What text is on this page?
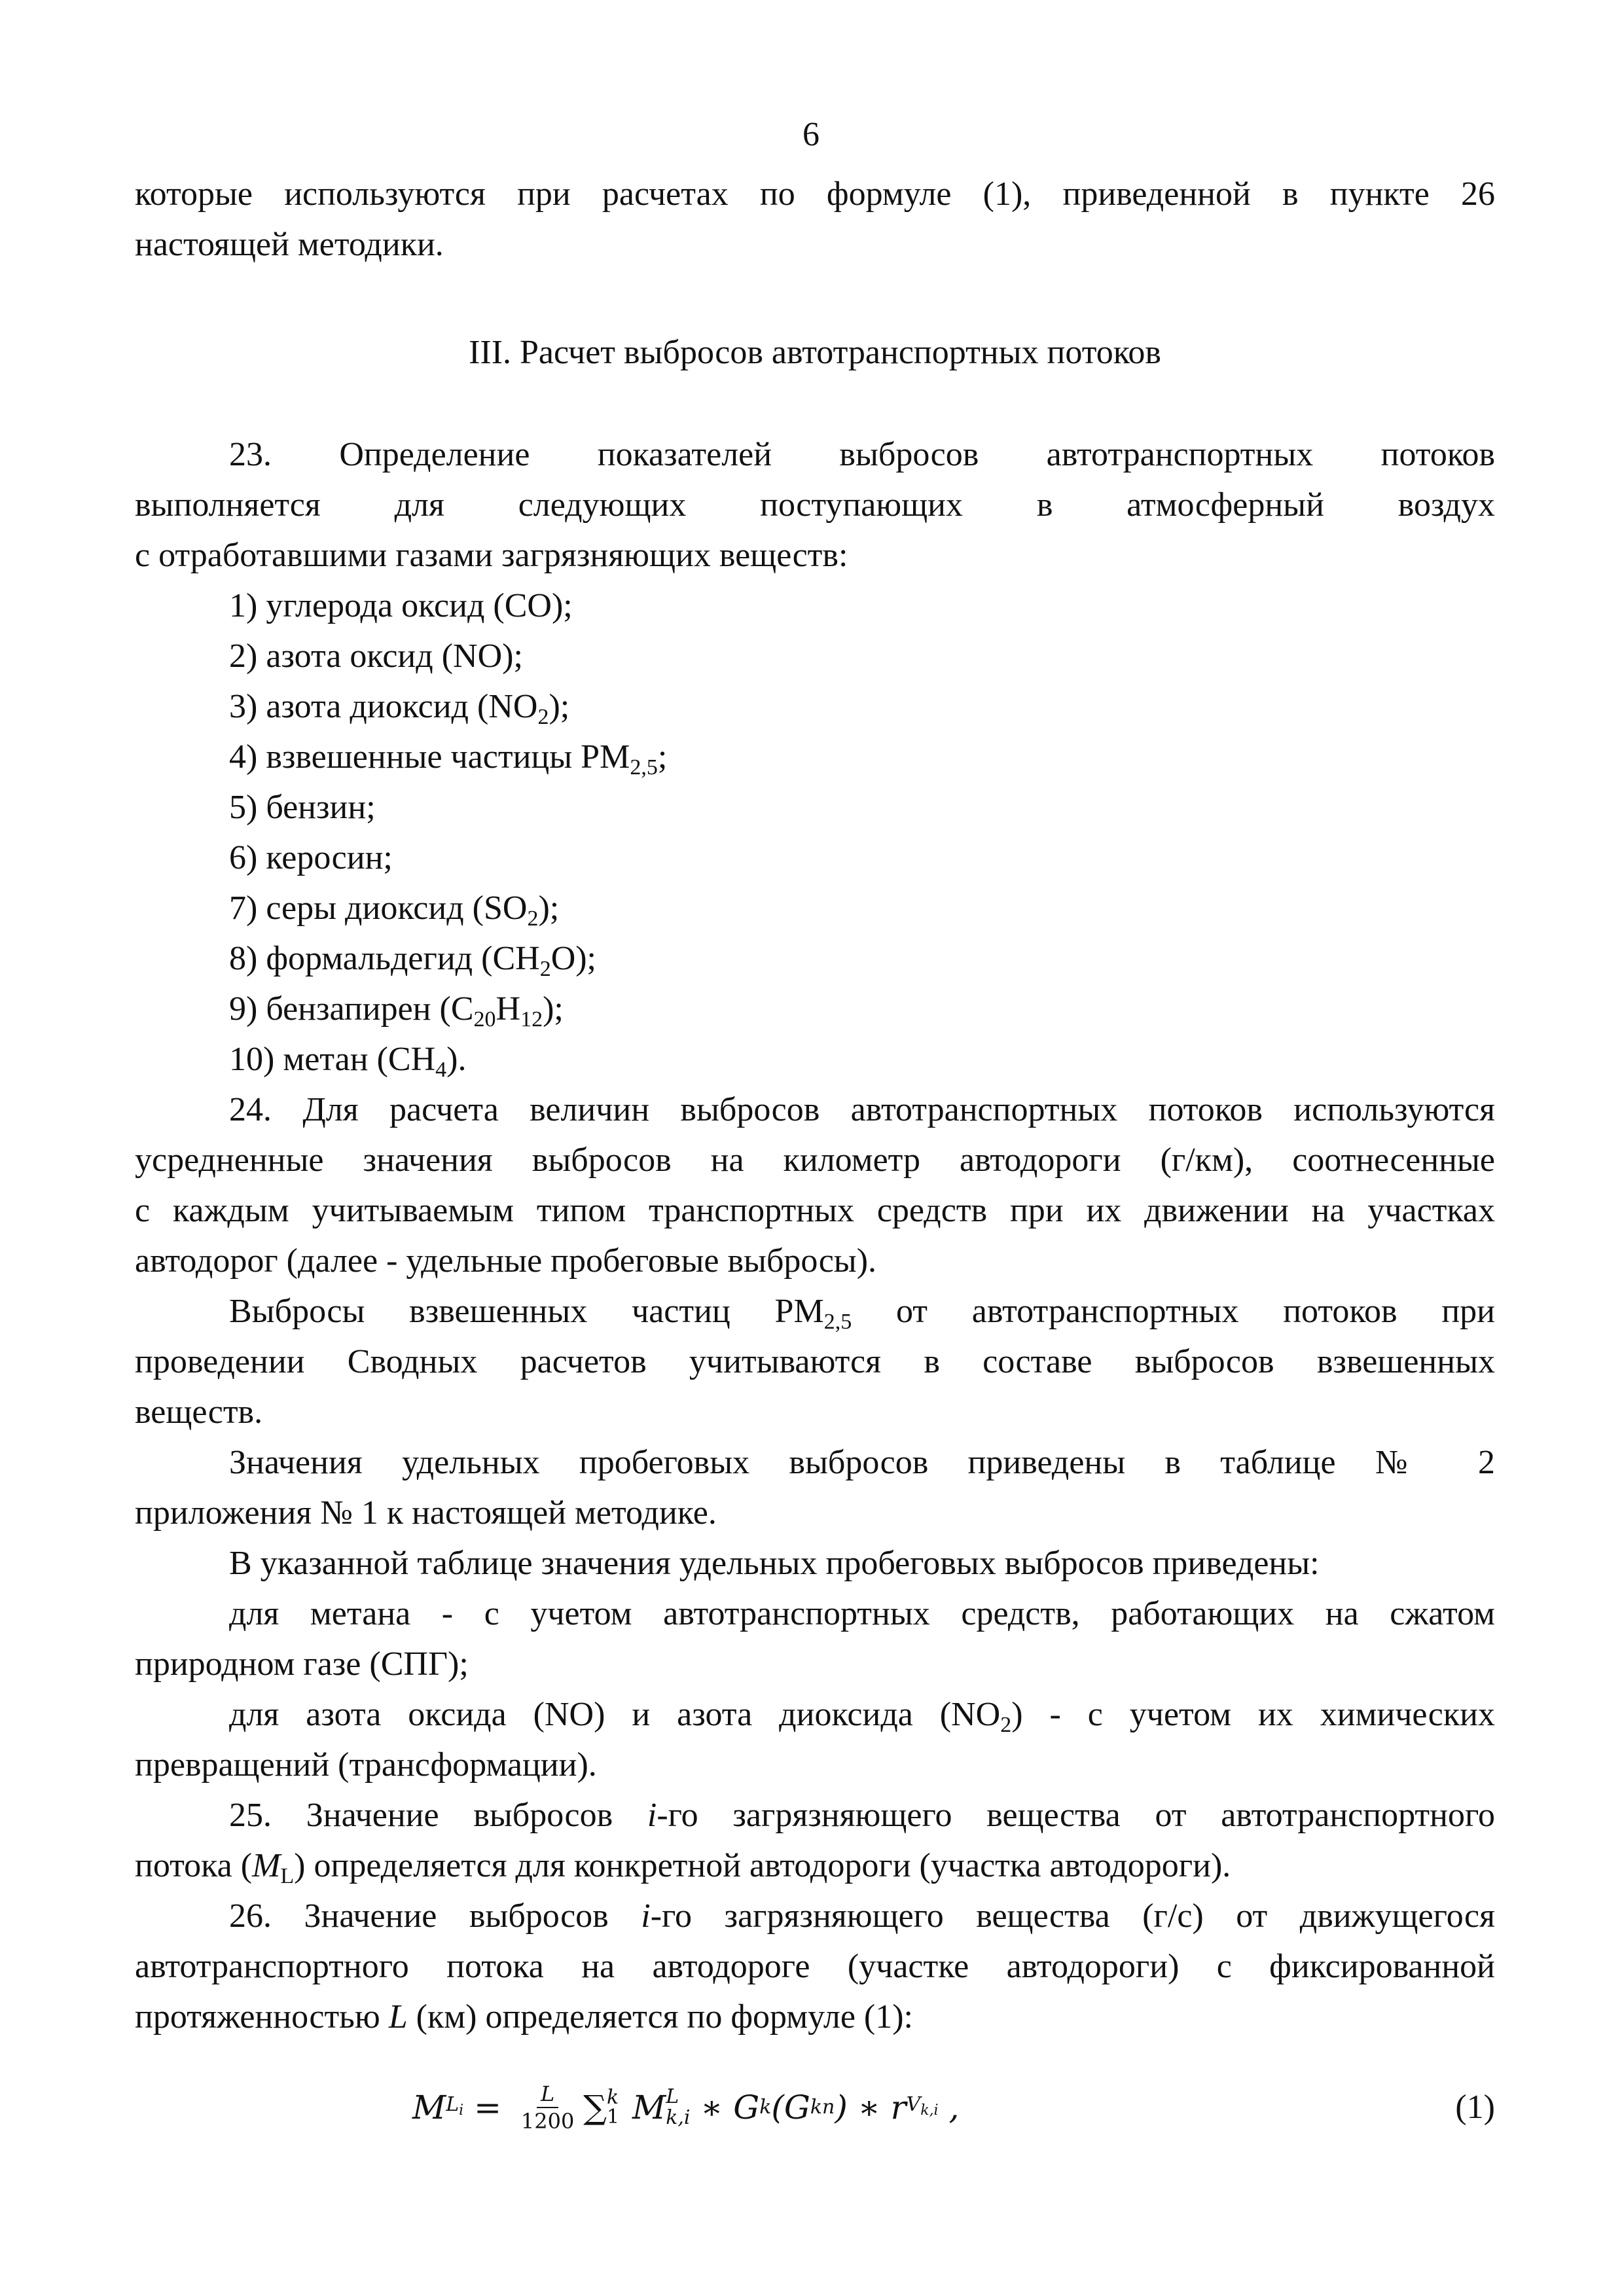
6
которые используются при расчетах по формуле (1), приведенной в пункте 26
настоящей методики.
III. Расчет выбросов автотранспортных потоков
23. Определение показателей выбросов автотранспортных потоков
выполняется для следующих поступающих в атмосферный воздух
с отработавшими газами загрязняющих веществ:
1) углерода оксид (CO);
2) азота оксид (NO);
3) азота диоксид $(NO_2)$;
4) взвешенные частицы $PM_{2,5}$;
5) бензин;
6) керосин;
7) серы диоксид $(SO_2)$;
8) формальдегид $(CH_2O)$;
9) бензапирен $(C_{20}H_{12})$;
10) метан $(CH_4)$.
24. Для расчета величин выбросов автотранспортных потоков используются
усредненные значения выбросов на километр автодороги (г/км), соотнесенные
с каждым учитываемым типом транспортных средств при их движении на участках
автодорог (далее - удельные пробеговые выбросы).
Выбросы взвешенных частиц $PM_{2,5}$ от автотранспортных потоков при
проведении Сводных расчетов учитываются в составе выбросов взвешенных
веществ.
Значения удельных пробеговых выбросов приведены в таблице № 2
приложения № 1 к настоящей методике.
В указанной таблице значения удельных пробеговых выбросов приведены:
для метана - с учетом автотранспортных средств, работающих на сжатом
природном газе (СПГ);
для азота оксида (NO) и азота диоксида $(NO_2)$ - с учетом их химических
превращений (трансформации).
25. Значение выбросов i-го загрязняющего вещества от автотранспортного
потока $(M_L)$ определяется для конкретной автодороги (участка автодороги).
26. Значение выбросов i-го загрязняющего вещества (г/с) от движущегося
автотранспортного потока на автодороге (участке автодороги) с фиксированной
протяженностью L (км) определяется по формуле (1):
M $L_i = \frac{L}{1200}$ ∑ k
1 M L
k,i ∗ G k (G kп ) ∗ r $V_{k,i}$ ,	(1)
